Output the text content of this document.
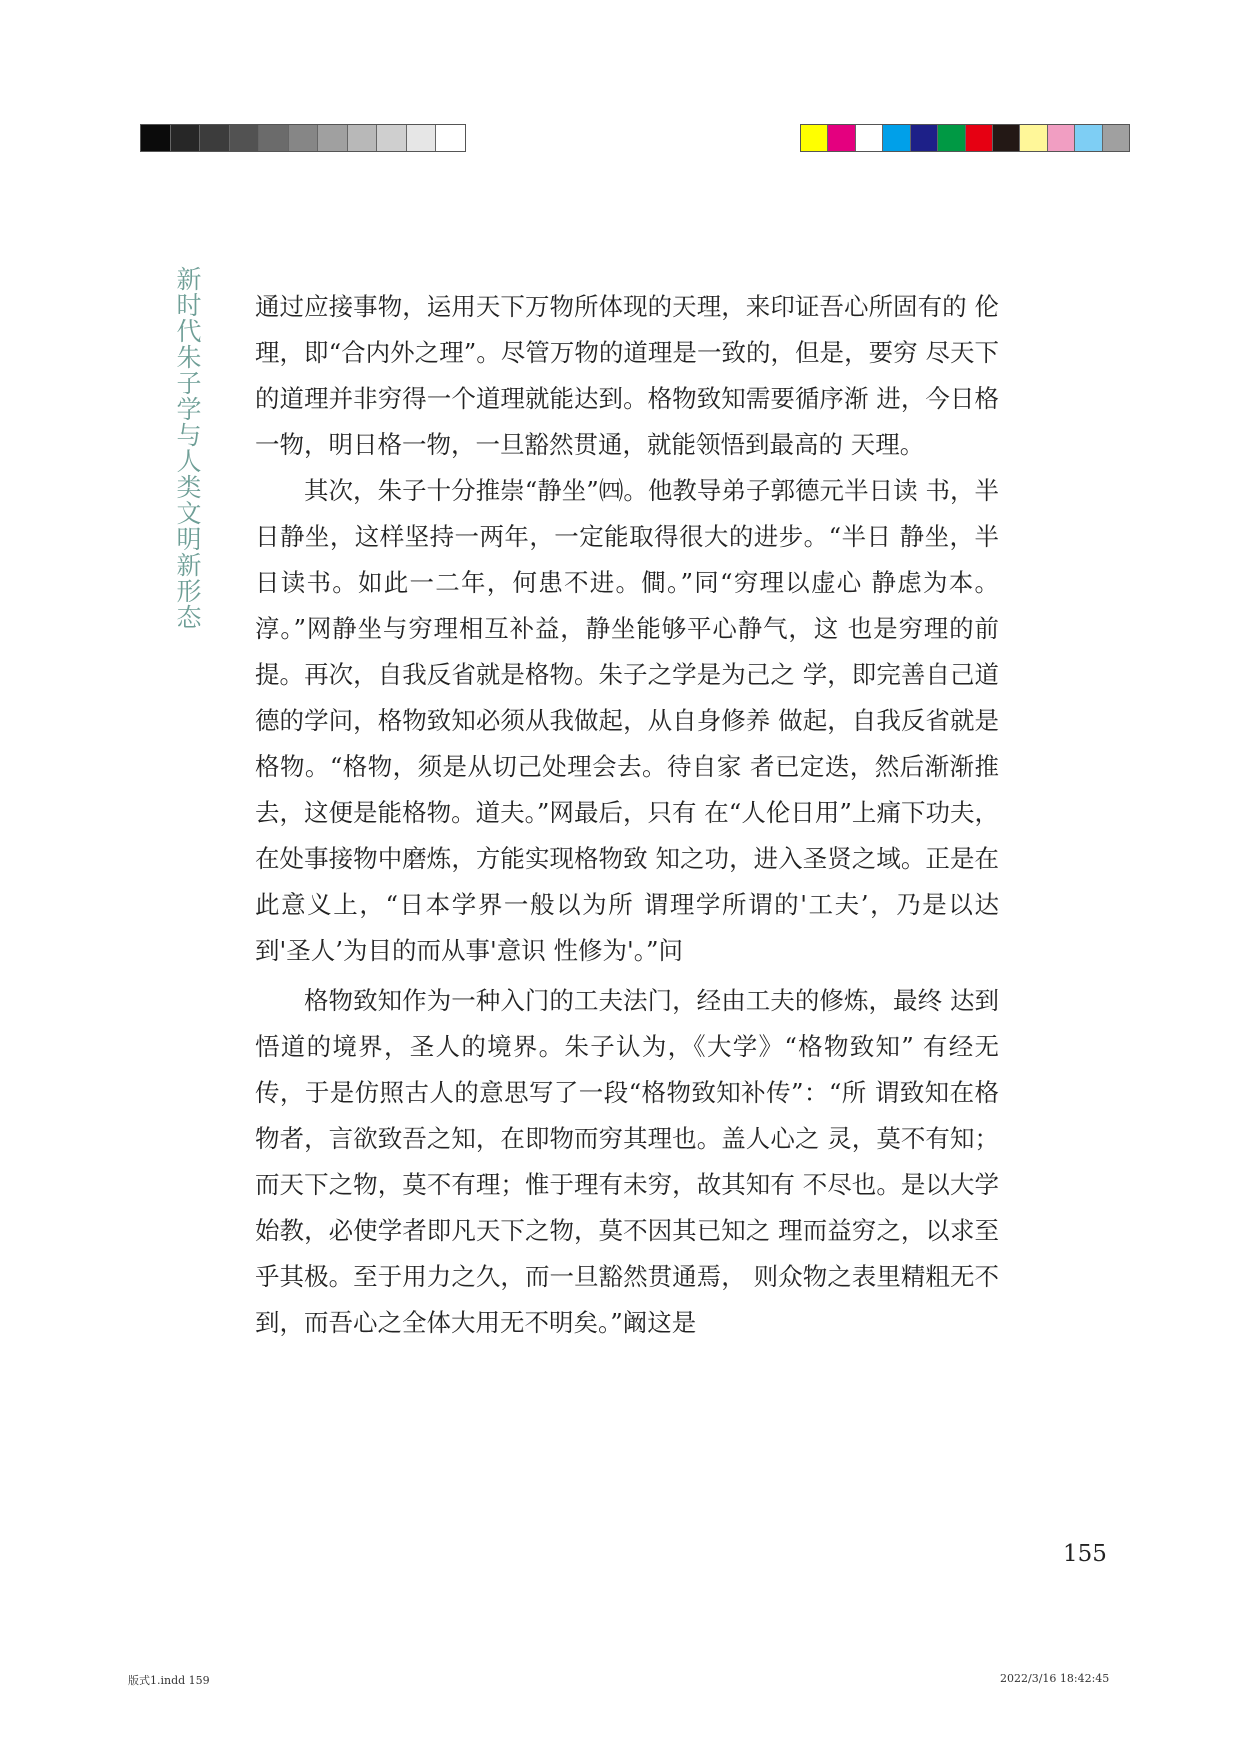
新时代朱子学与人类文明新形态 通过应接事物，运用天下万物所体现的天理，来印证吾心所固有的 伦理，即“合内外之理”。尽管万物的道理是一致的，但是，要穷 尽天下的道理并非穷得一个道理就能达到。格物致知需要循序渐 进，今日格一物，明日格一物，一旦豁然贯通，就能领悟到最高的 天理。

其次，朱子十分推崇“静坐”㈣。他教导弟子郭德元半日读 书，半日静坐，这样坚持一两年，一定能取得很大的进步。“半日 静坐，半日读书。如此一二年，何患不进。僴。”同“穷理以虚心 静虑为本。淳。”网静坐与穷理相互补益，静坐能够平心静气，这 也是穷理的前提。再次，自我反省就是格物。朱子之学是为己之 学，即完善自己道德的学问，格物致知必须从我做起，从自身修养 做起，自我反省就是格物。“格物，须是从切己处理会去。待自家 者已定迭，然后渐渐推去，这便是能格物。道夫。”网最后，只有 在“人伦日用”上痛下功夫，在处事接物中磨炼，方能实现格物致 知之功，进入圣贤之域。正是在此意义上，“日本学界一般以为所 谓理学所谓的'工夫’，乃是以达到'圣人’为目的而从事'意识 性修为'。”问

格物致知作为一种入门的工夫法门，经由工夫的修炼，最终 达到悟道的境界，圣人的境界。朱子认为，《大学》“格物致知” 有经无传，于是仿照古人的意思写了一段“格物致知补传”：“所 谓致知在格物者，言欲致吾之知，在即物而穷其理也。盖人心之 灵，莫不有知；而天下之物，莫不有理；惟于理有未穷，故其知有 不尽也。是以大学始教，必使学者即凡天下之物，莫不因其已知之 理而益穷之，以求至乎其极。至于用力之久，而一旦豁然贯通焉， 则众物之表里精粗无不到，而吾心之全体大用无不明矣。”阚这是

155
版式1.indd 159	2022/3/16 18:42:45
